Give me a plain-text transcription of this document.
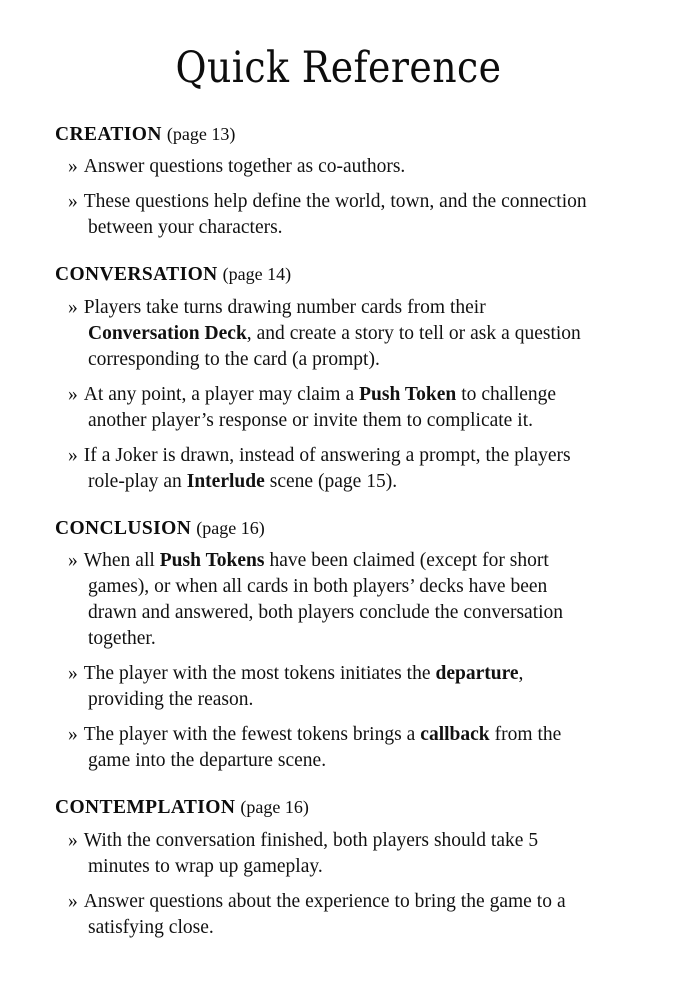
Quick Reference
CREATION (page 13)
» Answer questions together as co-authors.
» These questions help define the world, town, and the connection between your characters.
CONVERSATION (page 14)
» Players take turns drawing number cards from their Conversation Deck, and create a story to tell or ask a question corresponding to the card (a prompt).
» At any point, a player may claim a Push Token to challenge another player’s response or invite them to complicate it.
» If a Joker is drawn, instead of answering a prompt, the players role-play an Interlude scene (page 15).
CONCLUSION (page 16)
» When all Push Tokens have been claimed (except for short games), or when all cards in both players’ decks have been drawn and answered, both players conclude the conversation together.
» The player with the most tokens initiates the departure, providing the reason.
» The player with the fewest tokens brings a callback from the game into the departure scene.
CONTEMPLATION (page 16)
» With the conversation finished, both players should take 5 minutes to wrap up gameplay.
» Answer questions about the experience to bring the game to a satisfying close.
